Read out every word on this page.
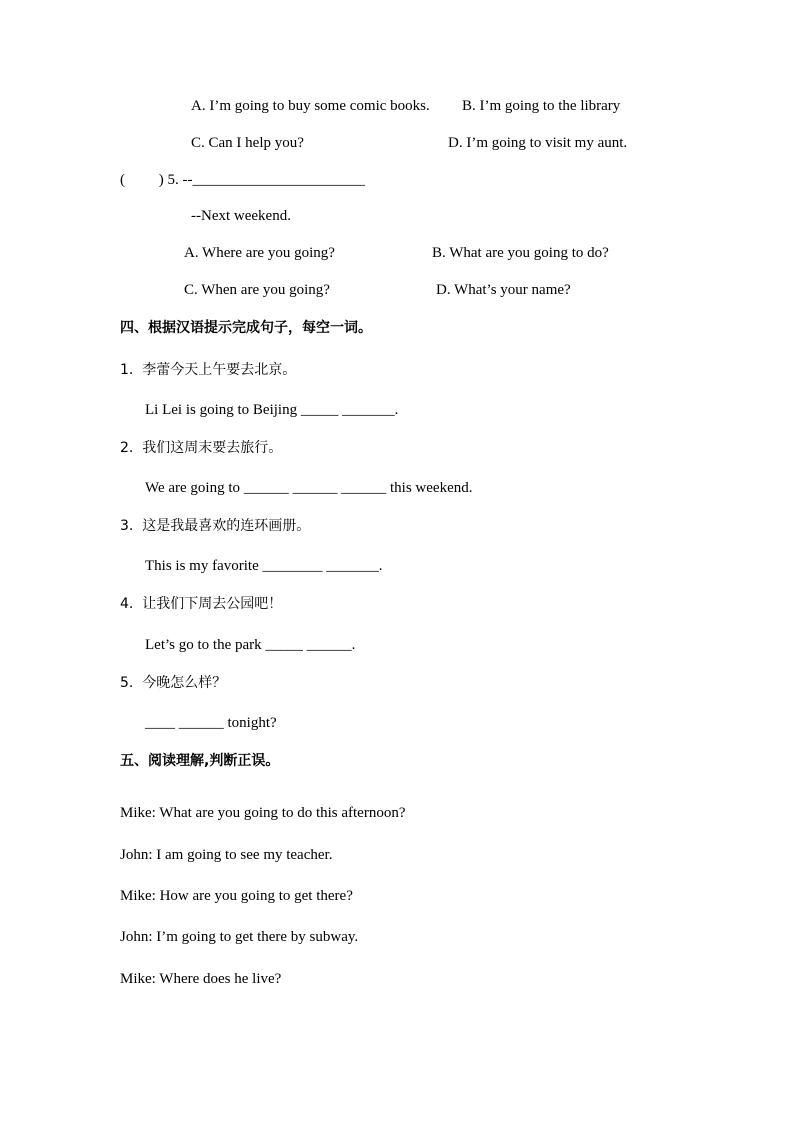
A. I’m going to buy some comic books. B. I’m going to the library
C. Can I help you?	D. I’m going to visit my aunt.
(         ) 5. --_______________________
--Next weekend.
A. Where are you going?	B. What are you going to do?
C. When are you going?	D. What’s your name?
四、根据汉语提示完成句子，每空一词。
1.  李蕾今天上午要去北京。
Li Lei is going to Beijing _____ _______.
2.  我们这周末要去旅行。
We are going to ______ ______ ______ this weekend.
3.  这是我最喜欢的连环画册。
This is my favorite ________ _______.
4.  让我们下周去公园吧！
Let’s go to the park _____ ______.
5.  今晚怎么样？
____ ______ tonight?
五、阅读理解,判断正误。
Mike: What are you going to do this afternoon?
John: I am going to see my teacher.
Mike: How are you going to get there?
John: I’m going to get there by subway.
Mike: Where does he live?
